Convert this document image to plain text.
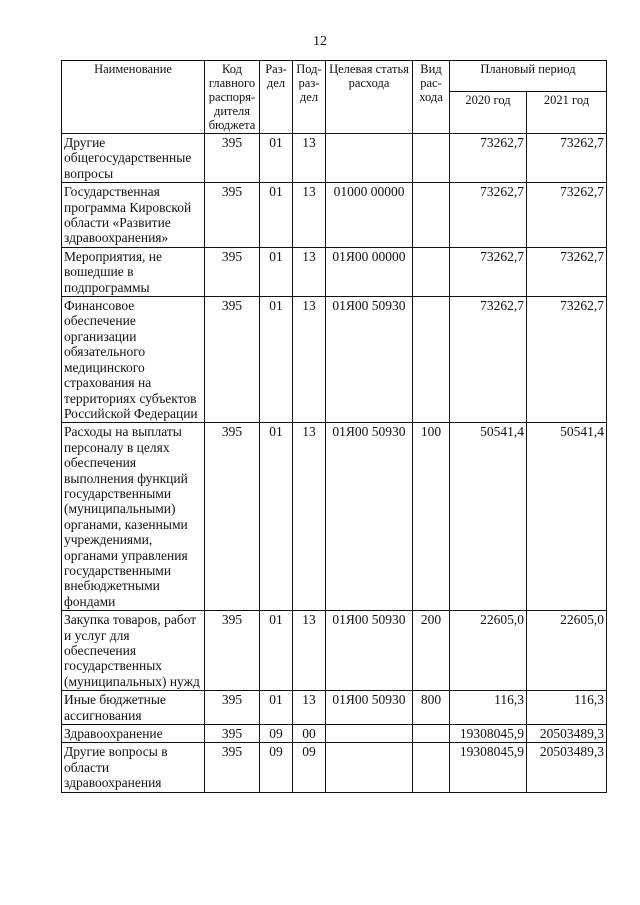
12
Наименование	Код главного распоря-дителя бюджета	Раз-дел	Под-раз-дел	Целевая статья расхода	Вид рас-хода	Плановый период	
						2020 год	2021 год
Другие общегосударственные вопросы	395	01	13			73262,7	73262,7
Государственная программа Кировской области «Развитие здравоохранения»	395	01	13	01000 00000		73262,7	73262,7
Мероприятия, не вошедшие в подпрограммы	395	01	13	01Я00 00000		73262,7	73262,7
Финансовое обеспечение организации обязательного медицинского страхования на территориях субъектов Российской Федерации	395	01	13	01Я00 50930		73262,7	73262,7
Расходы на выплаты персоналу в целях обеспечения выполнения функций государственными (муниципальными) органами, казенными учреждениями, органами управления государственными внебюджетными фондами	395	01	13	01Я00 50930	100	50541,4	50541,4
Закупка товаров, работ и услуг для обеспечения государственных (муниципальных) нужд	395	01	13	01Я00 50930	200	22605,0	22605,0
Иные бюджетные ассигнования	395	01	13	01Я00 50930	800	116,3	116,3
Здравоохранение	395	09	00			19308045,9	20503489,3
Другие вопросы в области здравоохранения	395	09	09			19308045,9	20503489,3
